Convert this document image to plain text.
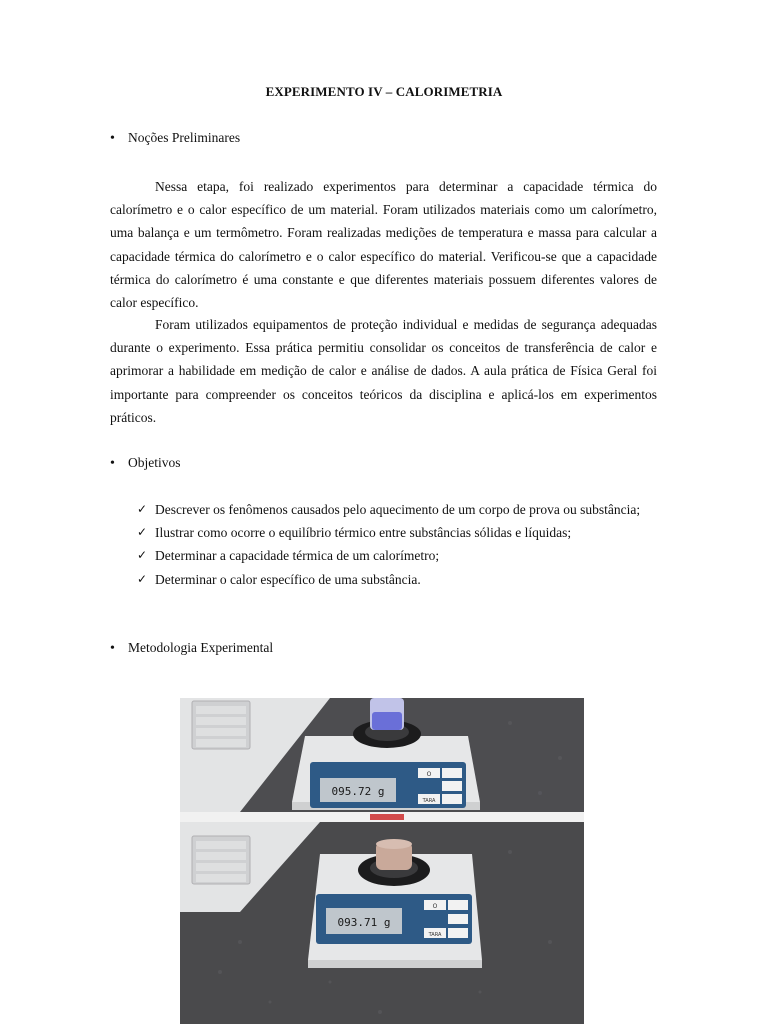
EXPERIMENTO IV – CALORIMETRIA
• Noções Preliminares

Nessa etapa, foi realizado experimentos para determinar a capacidade térmica do calorímetro e o calor específico de um material. Foram utilizados materiais como um calorímetro, uma balança e um termômetro. Foram realizadas medições de temperatura e massa para calcular a capacidade térmica do calorímetro e o calor específico do material. Verificou-se que a capacidade térmica do calorímetro é uma constante e que diferentes materiais possuem diferentes valores de calor específico.

Foram utilizados equipamentos de proteção individual e medidas de segurança adequadas durante o experimento. Essa prática permitiu consolidar os conceitos de transferência de calor e aprimorar a habilidade em medição de calor e análise de dados. A aula prática de Física Geral foi importante para compreender os conceitos teóricos da disciplina e aplicá-los em experimentos práticos.

• Objetivos
✓ Descrever os fenômenos causados pelo aquecimento de um corpo de prova ou substância;
✓ Ilustrar como ocorre o equilíbrio térmico entre substâncias sólidas e líquidas;
✓ Determinar a capacidade térmica de um calorímetro;
✓ Determinar o calor específico de uma substância.
• Metodologia Experimental
095.72 g
O
TARA
093.71 g
O
TARA
